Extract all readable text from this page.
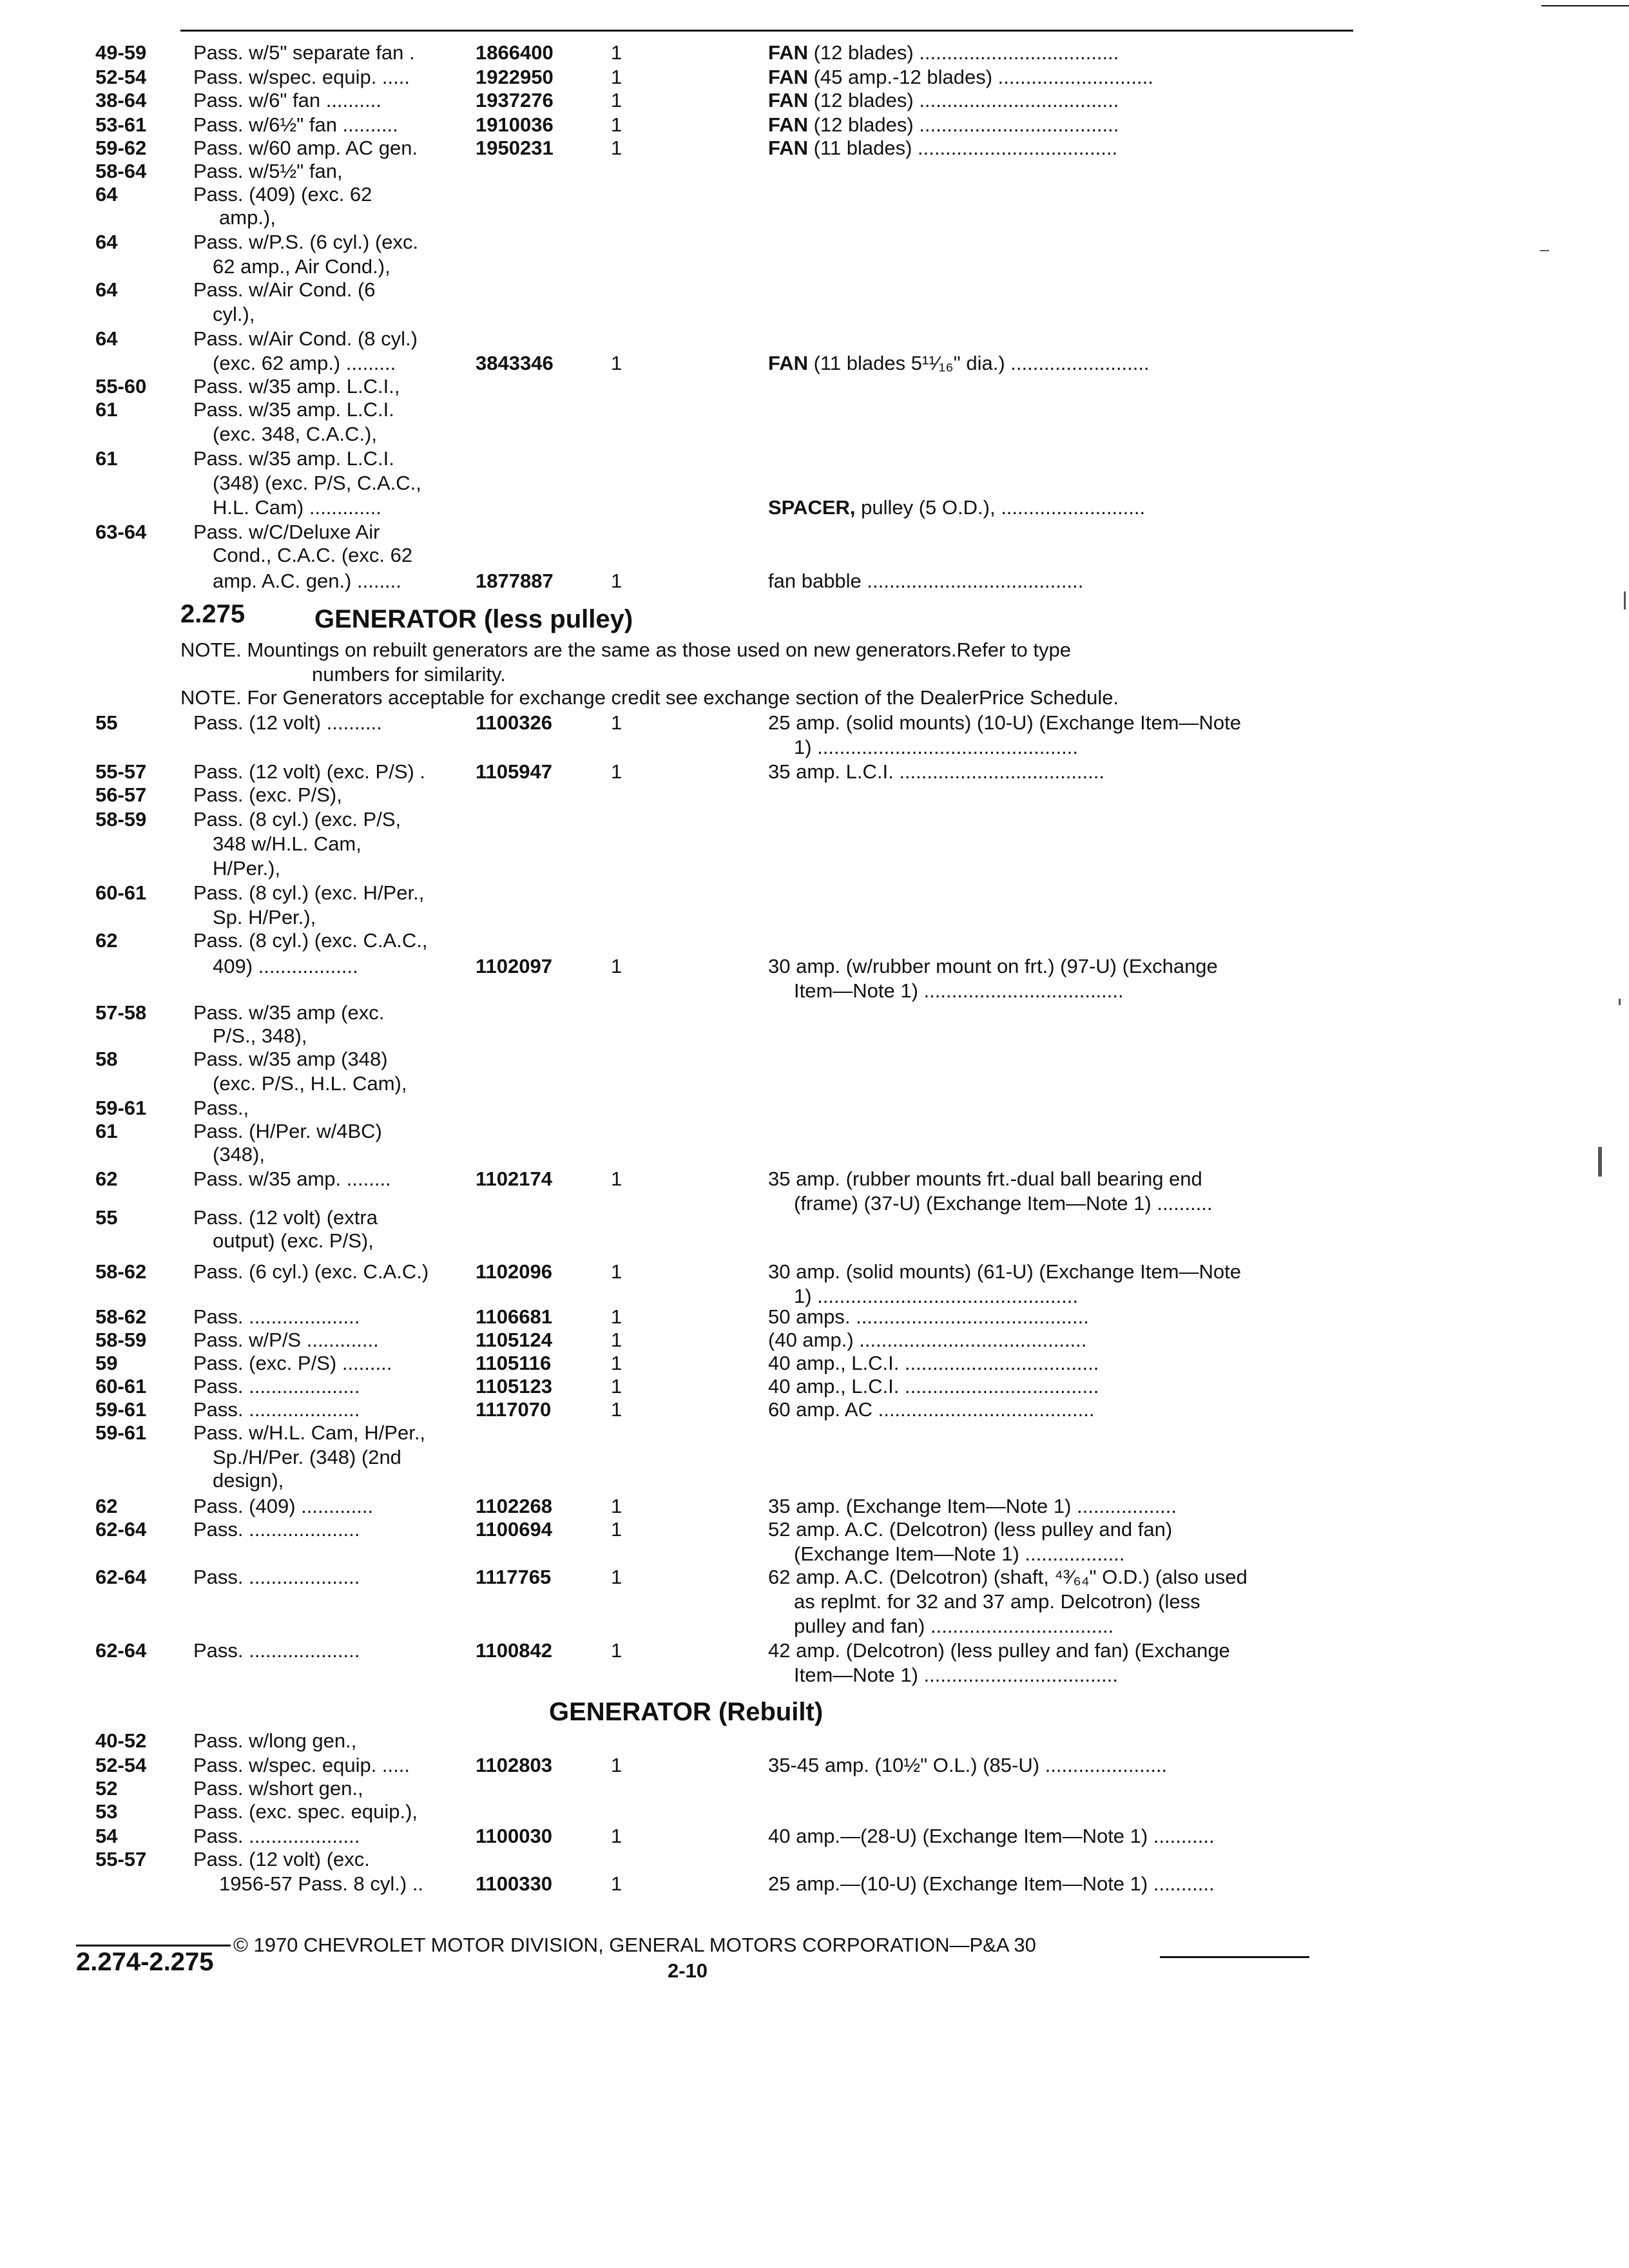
49-59 Pass. w/5" separate fan .	1866400	1	FAN (12 blades) ....................................
52-54 Pass. w/spec. equip. .....	1922950	1	FAN (45 amp.-12 blades) ............................
38-64 Pass. w/6" fan ..........	1937276	1	FAN (12 blades) ....................................
53-61 Pass. w/6½" fan ..........	1910036	1	FAN (12 blades) ....................................
59-62 Pass. w/60 amp. AC gen.	1950231	1	FAN (11 blades) ....................................
58-64 Pass. w/5½" fan,
64	Pass. (409) (exc. 62
amp.),
64	Pass. w/P.S. (6 cyl.) (exc.
62 amp., Air Cond.),
64	Pass. w/Air Cond. (6
cyl.),
64	Pass. w/Air Cond. (8 cyl.)
(exc. 62 amp.) .........	3843346	1	FAN (11 blades 5¹¹⁄₁₆" dia.) .........................
55-60 Pass. w/35 amp. L.C.I.,
61	Pass. w/35 amp. L.C.I.
(exc. 348, C.A.C.),
61	Pass. w/35 amp. L.C.I.
(348) (exc. P/S, C.A.C.,
H.L. Cam) .............	SPACER, pulley (5 O.D.), ..........................
63-64 Pass. w/C/Deluxe Air
Cond., C.A.C. (exc. 62
amp. A.C. gen.) ........	1877887	1	fan babble .......................................
2.275	GENERATOR (less pulley)
NOTE. Mountings on rebuilt generators are the same as those used on new generators.Refer to type
numbers for similarity.
NOTE. For Generators acceptable for exchange credit see exchange section of the DealerPrice Schedule.
55	Pass. (12 volt) ..........	1100326	1	25 amp. (solid mounts) (10-U) (Exchange Item—Note
1) ...............................................
55-57 Pass. (12 volt) (exc. P/S) .	1105947	1	35 amp. L.C.I. .....................................
56-57 Pass. (exc. P/S),
58-59 Pass. (8 cyl.) (exc. P/S,
348 w/H.L. Cam,
H/Per.),
60-61 Pass. (8 cyl.) (exc. H/Per.,
Sp. H/Per.),
62	Pass. (8 cyl.) (exc. C.A.C.,
409) ..................	1102097	1	30 amp. (w/rubber mount on frt.) (97-U) (Exchange
Item—Note 1) ....................................
57-58 Pass. w/35 amp (exc.
P/S., 348),
58	Pass. w/35 amp (348)
(exc. P/S., H.L. Cam),
59-61 Pass.,
61	Pass. (H/Per. w/4BC)
(348),
62	Pass. w/35 amp. ........	1102174	1	35 amp. (rubber mounts frt.-dual ball bearing end
(frame) (37-U) (Exchange Item—Note 1) ..........
55	Pass. (12 volt) (extra
output) (exc. P/S),
58-62 Pass. (6 cyl.) (exc. C.A.C.) 1102096	1	30 amp. (solid mounts) (61-U) (Exchange Item—Note
1) ...............................................
58-62 Pass. ....................	1106681	1	50 amps. ..........................................
58-59 Pass. w/P/S .............	1105124	1	(40 amp.) .........................................
59	Pass. (exc. P/S) .........	1105116	1	40 amp., L.C.I. ...................................
60-61 Pass. ....................	1105123	1	40 amp., L.C.I. ...................................
59-61 Pass. ....................	1117070	1	60 amp. AC .......................................
59-61 Pass. w/H.L. Cam, H/Per.,
Sp./H/Per. (348) (2nd
design),
62	Pass. (409) .............	1102268	1	35 amp. (Exchange Item—Note 1) ..................
62-64 Pass. ....................	1100694	1	52 amp. A.C. (Delcotron) (less pulley and fan)
(Exchange Item—Note 1) ..................
62-64 Pass. ....................	1117765	1	62 amp. A.C. (Delcotron) (shaft, ⁴³⁄₆₄" O.D.) (also used
as replmt. for 32 and 37 amp. Delcotron) (less
pulley and fan) .................................
62-64 Pass. ....................	1100842	1	42 amp. (Delcotron) (less pulley and fan) (Exchange
Item—Note 1) ...................................
GENERATOR (Rebuilt)
40-52 Pass. w/long gen.,
52-54 Pass. w/spec. equip. .....	1102803	1	35-45 amp. (10½" O.L.) (85-U) ......................
52	Pass. w/short gen.,
53	Pass. (exc. spec. equip.),
54	Pass. ....................	1100030	1	40 amp.—(28-U) (Exchange Item—Note 1) ...........
55-57 Pass. (12 volt) (exc.
1956-57 Pass. 8 cyl.) ..	1100330	1	25 amp.—(10-U) (Exchange Item—Note 1) ...........
© 1970 CHEVROLET MOTOR DIVISION, GENERAL MOTORS CORPORATION—P&A 30
2.274-2.275	2-10
